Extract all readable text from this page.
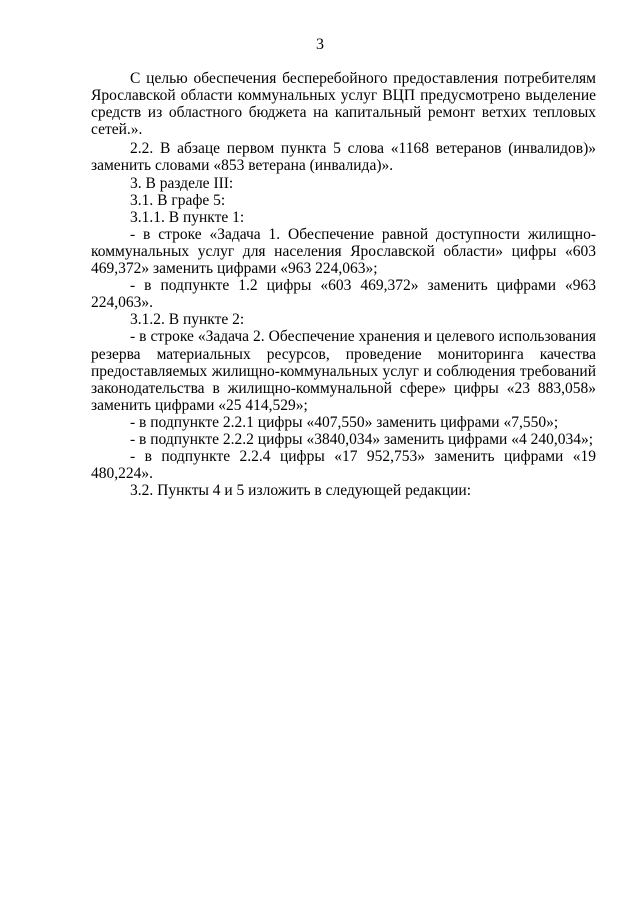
3

С целью обеспечения бесперебойного предоставления потребителям Ярославской области коммунальных услуг ВЦП предусмотрено выделение средств из областного бюджета на капитальный ремонт ветхих тепловых сетей.».

2.2. В абзаце первом пункта 5 слова «1168 ветеранов (инвалидов)» заменить словами «853 ветерана (инвалида)».

3. В разделе III:

3.1. В графе 5:

3.1.1. В пункте 1:

- в строке «Задача 1. Обеспечение равной доступности жилищно-коммунальных услуг для населения Ярославской области» цифры «603 469,372» заменить цифрами «963 224,063»;

- в подпункте 1.2 цифры «603 469,372» заменить цифрами «963 224,063».

3.1.2. В пункте 2:

- в строке «Задача 2. Обеспечение хранения и целевого использования резерва материальных ресурсов, проведение мониторинга качества предоставляемых жилищно-коммунальных услуг и соблюдения требований законодательства в жилищно-коммунальной сфере» цифры «23 883,058» заменить цифрами «25 414,529»;

- в подпункте 2.2.1 цифры «407,550» заменить цифрами «7,550»;

- в подпункте 2.2.2 цифры «3840,034» заменить цифрами «4 240,034»;

- в подпункте 2.2.4 цифры «17 952,753» заменить цифрами «19 480,224».

3.2. Пункты 4 и 5 изложить в следующей редакции:
